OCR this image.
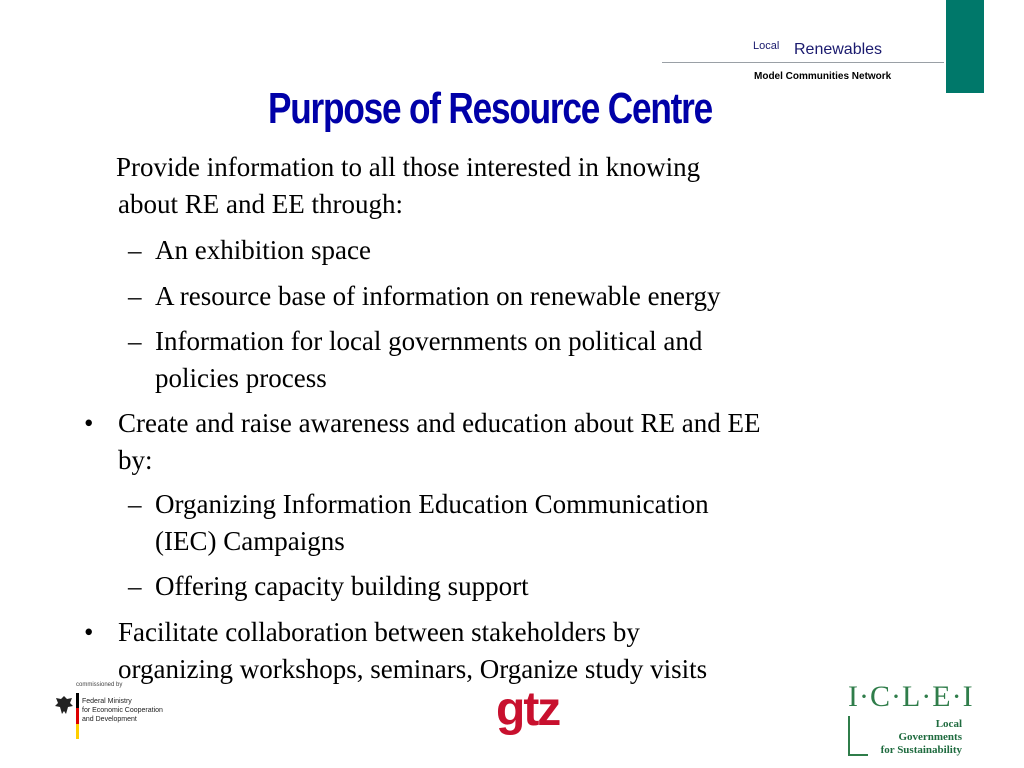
Local Renewables
Model Communities Network
Purpose of Resource Centre
Provide information to all those interested in knowing
about RE and EE through:
– An exhibition space
– A resource base of information on renewable energy
– Information for local governments on political and
policies process
• Create and raise awareness and education about RE and EE
by:
– Organizing Information Education Communication
(IEC) Campaigns
– Offering capacity building support
• Facilitate collaboration between stakeholders by
organizing workshops, seminars, Organize study visits
commissioned by
Federal Ministry
for Economic Cooperation
and Development	gtz	I·C·L·E·I
Local
Governments
for Sustainability
